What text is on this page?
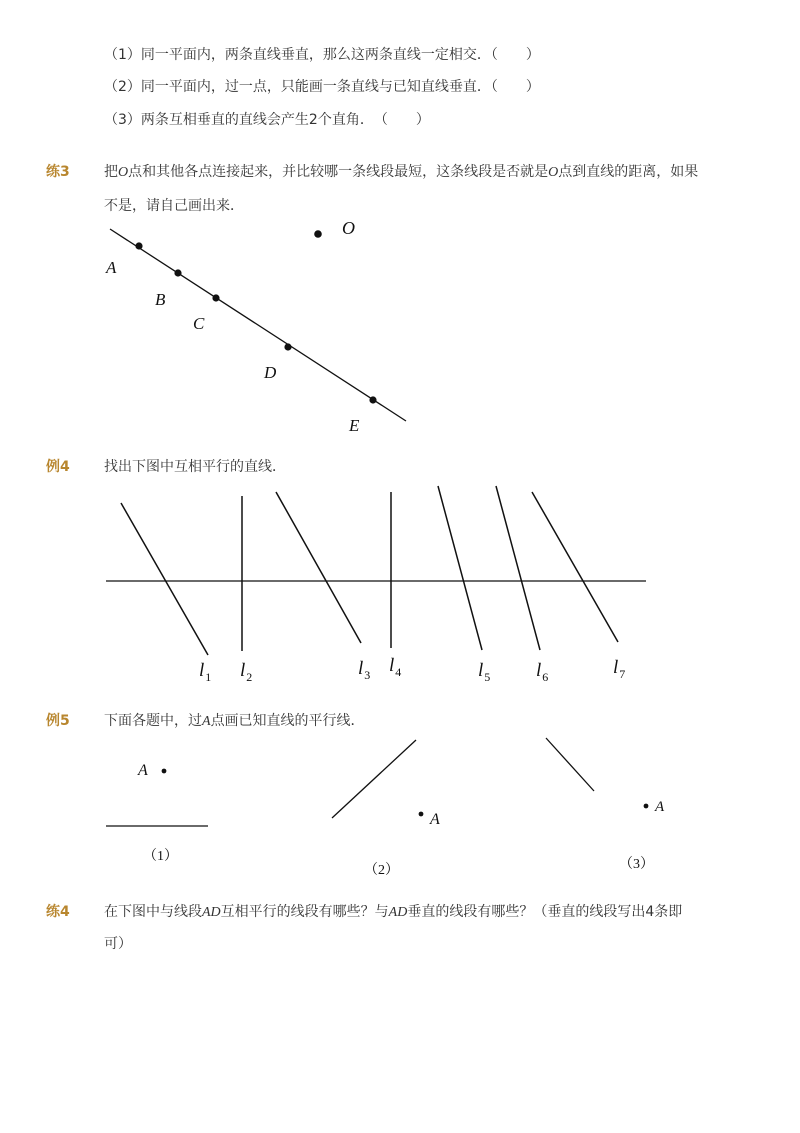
（1）同一平面内，两条直线垂直，那么这两条直线一定相交．（　　）
（2）同一平面内，过一点，只能画一条直线与已知直线垂直．（　　）
（3）两条互相垂直的直线会产生2个直角．　（　　）
练3 把O点和其他各点连接起来，并比较哪一条线段最短，这条线段是否就是O点到直线的距离，如果
不是，请自己画出来．
O
A
B
C
D
E
$l_1$ $l_2$	$l_3$ $l_4$	$l_5$ $l_6$	$l_7$
A
（1）
A
（2）
A
（3）
例4 找出下图中互相平行的直线．
例5 下面各题中，过A点画已知直线的平行线．
练4 在下图中与线段AD互相平行的线段有哪些？与AD垂直的线段有哪些？（垂直的线段写出4条即
可）
